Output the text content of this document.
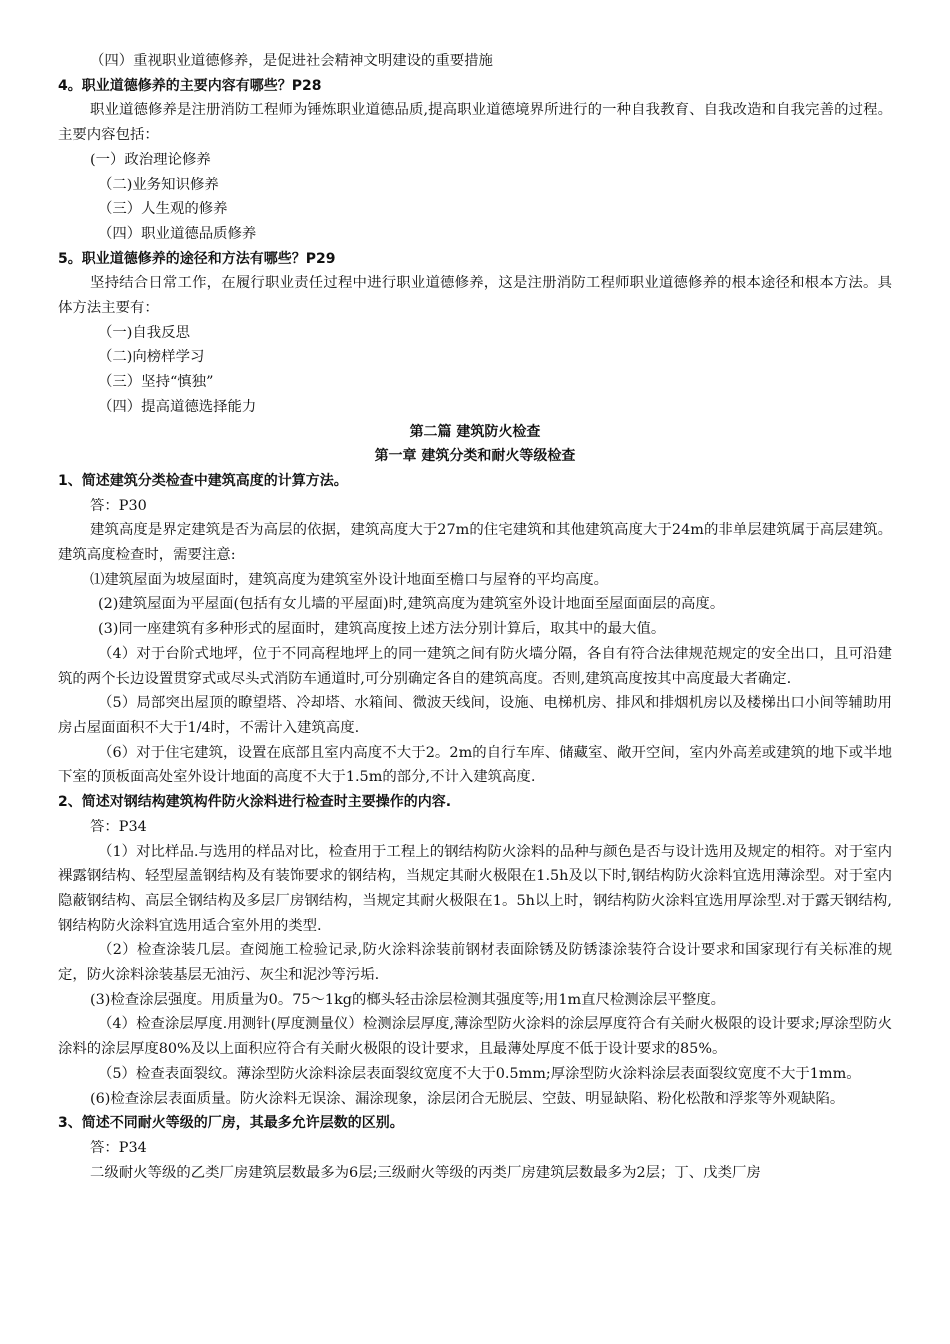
（四）重视职业道德修养，是促进社会精神文明建设的重要措施

4。职业道德修养的主要内容有哪些？P28

职业道德修养是注册消防工程师为锤炼职业道德品质,提高职业道德境界所进行的一种自我教育、自我改造和自我完善的过程。主要内容包括：

(一）政治理论修养

（二)业务知识修养

（三）人生观的修养

（四）职业道德品质修养

5。职业道德修养的途径和方法有哪些？P29

坚持结合日常工作，在履行职业责任过程中进行职业道德修养，这是注册消防工程师职业道德修养的根本途径和根本方法。具体方法主要有：

（一)自我反思

（二)向榜样学习

（三）坚持“慎独”

（四）提高道德选择能力

第二篇 建筑防火检查

第一章 建筑分类和耐火等级检查

1、简述建筑分类检查中建筑高度的计算方法。

答：P30

建筑高度是界定建筑是否为高层的依据，建筑高度大于27m的住宅建筑和其他建筑高度大于24m的非单层建筑属于高层建筑。建筑高度检查时，需要注意:

⑴建筑屋面为坡屋面时，建筑高度为建筑室外设计地面至檐口与屋脊的平均高度。

(2)建筑屋面为平屋面(包括有女儿墙的平屋面)时,建筑高度为建筑室外设计地面至屋面面层的高度。

(3)同一座建筑有多种形式的屋面时，建筑高度按上述方法分别计算后，取其中的最大值。

（4）对于台阶式地坪，位于不同高程地坪上的同一建筑之间有防火墙分隔，各自有符合法律规范规定的安全出口，且可沿建筑的两个长边设置贯穿式或尽头式消防车通道时,可分别确定各自的建筑高度。否则,建筑高度按其中高度最大者确定.

（5）局部突出屋顶的瞭望塔、冷却塔、水箱间、微波天线间，设施、电梯机房、排风和排烟机房以及楼梯出口小间等辅助用房占屋面面积不大于1/4时，不需计入建筑高度.

（6）对于住宅建筑，设置在底部且室内高度不大于2。2m的自行车库、储藏室、敞开空间，室内外高差或建筑的地下或半地下室的顶板面高处室外设计地面的高度不大于1.5m的部分,不计入建筑高度.

2、简述对钢结构建筑构件防火涂料进行检查时主要操作的内容.

答：P34

（1）对比样品.与选用的样品对比，检查用于工程上的钢结构防火涂料的品种与颜色是否与设计选用及规定的相符。对于室内裸露钢结构、轻型屋盖钢结构及有装饰要求的钢结构，当规定其耐火极限在1.5h及以下时,钢结构防火涂料宜选用薄涂型。对于室内隐蔽钢结构、高层全钢结构及多层厂房钢结构，当规定其耐火极限在1。5h以上时，钢结构防火涂料宜选用厚涂型.对于露天钢结构,钢结构防火涂料宜选用适合室外用的类型.

（2）检查涂装几层。查阅施工检验记录,防火涂料涂装前钢材表面除锈及防锈漆涂装符合设计要求和国家现行有关标准的规定，防火涂料涂装基层无油污、灰尘和泥沙等污垢.

(3)检查涂层强度。用质量为0。75～1kg的榔头轻击涂层检测其强度等;用1m直尺检测涂层平整度。

（4）检查涂层厚度.用测针(厚度测量仪）检测涂层厚度,薄涂型防火涂料的涂层厚度符合有关耐火极限的设计要求;厚涂型防火涂料的涂层厚度80%及以上面积应符合有关耐火极限的设计要求，且最薄处厚度不低于设计要求的85%。

（5）检查表面裂纹。薄涂型防火涂料涂层表面裂纹宽度不大于0.5mm;厚涂型防火涂料涂层表面裂纹宽度不大于1mm。

(6)检查涂层表面质量。防火涂料无误涂、漏涂现象，涂层闭合无脱层、空鼓、明显缺陷、粉化松散和浮浆等外观缺陷。

3、简述不同耐火等级的厂房，其最多允许层数的区别。

答：P34

二级耐火等级的乙类厂房建筑层数最多为6层;三级耐火等级的丙类厂房建筑层数最多为2层；丁、戊类厂房
